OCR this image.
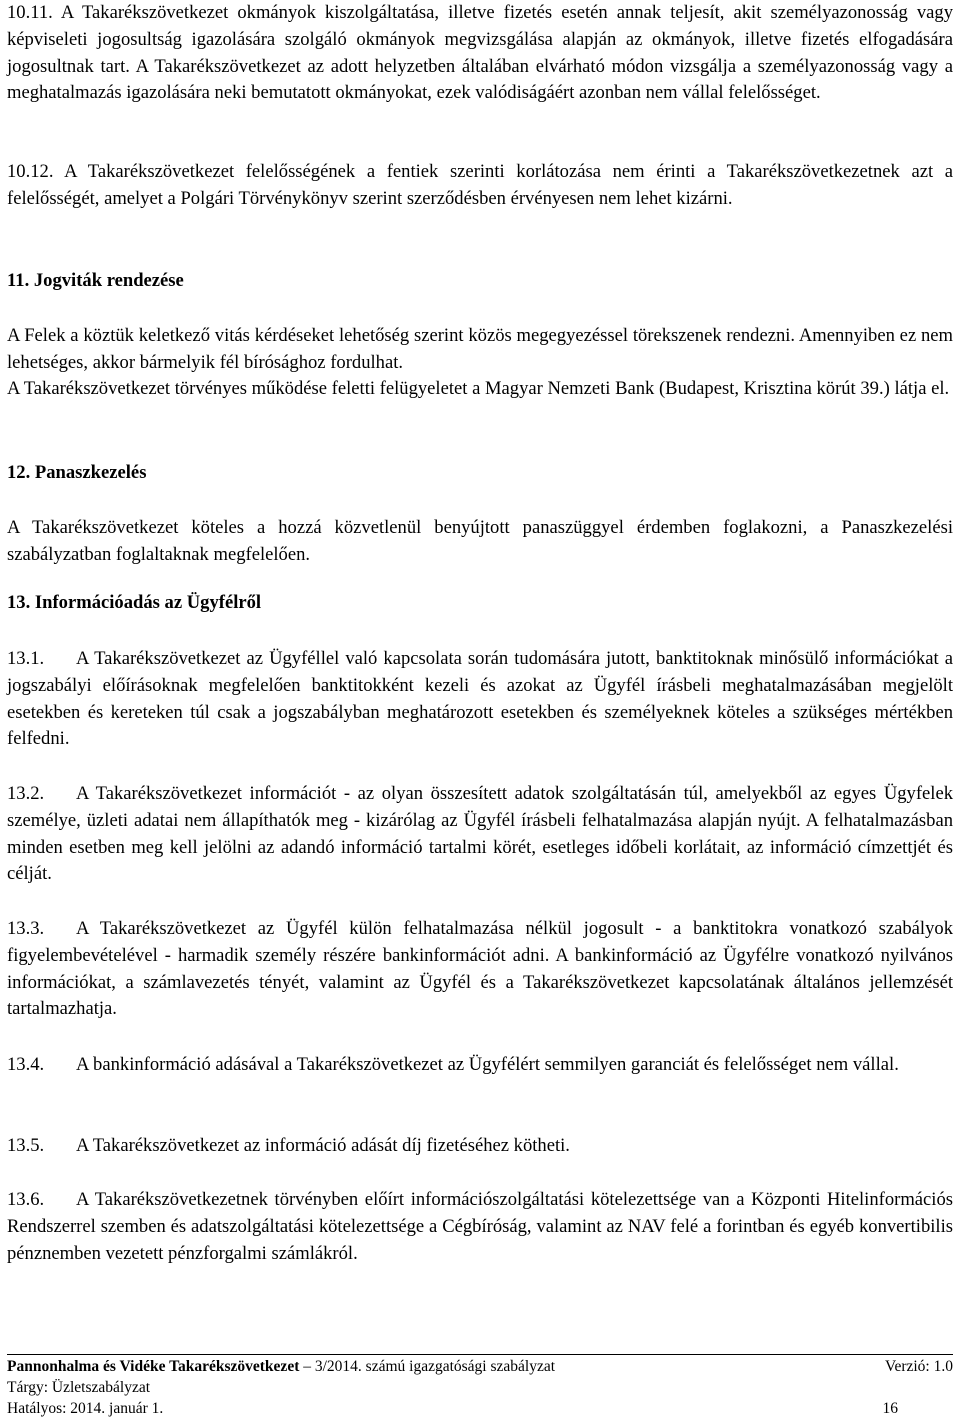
10.11. A Takarékszövetkezet okmányok kiszolgáltatása, illetve fizetés esetén annak teljesít, akit személyazonosság vagy képviseleti jogosultság igazolására szolgáló okmányok megvizsgálása alapján az okmányok, illetve fizetés elfogadására jogosultnak tart. A Takarékszövetkezet az adott helyzetben általában elvárható módon vizsgálja a személyazonosság vagy a meghatalmazás igazolására neki bemutatott okmányokat, ezek valódiságáért azonban nem vállal felelősséget.

10.12. A Takarékszövetkezet felelősségének a fentiek szerinti korlátozása nem érinti a Takarékszövetkezetnek azt a felelősségét, amelyet a Polgári Törvénykönyv szerint szerződésben érvényesen nem lehet kizárni.

11. Jogviták rendezése

A Felek a köztük keletkező vitás kérdéseket lehetőség szerint közös megegyezéssel törekszenek rendezni. Amennyiben ez nem lehetséges, akkor bármelyik fél bírósághoz fordulhat.

A Takarékszövetkezet törvényes működése feletti felügyeletet a Magyar Nemzeti Bank (Budapest, Krisztina körút 39.) látja el.

12. Panaszkezelés

A Takarékszövetkezet köteles a hozzá közvetlenül benyújtott panaszüggyel érdemben foglakozni, a Panaszkezelési szabályzatban foglaltaknak megfelelően.

13. Információadás az Ügyfélről

13.1. A Takarékszövetkezet az Ügyféllel való kapcsolata során tudomására jutott, banktitoknak minősülő információkat a jogszabályi előírásoknak megfelelően banktitokként kezeli és azokat az Ügyfél írásbeli meghatalmazásában megjelölt esetekben és kereteken túl csak a jogszabályban meghatározott esetekben és személyeknek köteles a szükséges mértékben felfedni.

13.2. A Takarékszövetkezet információt - az olyan összesített adatok szolgáltatásán túl, amelyekből az egyes Ügyfelek személye, üzleti adatai nem állapíthatók meg - kizárólag az Ügyfél írásbeli felhatalmazása alapján nyújt. A felhatalmazásban minden esetben meg kell jelölni az adandó információ tartalmi körét, esetleges időbeli korlátait, az információ címzettjét és célját.

13.3. A Takarékszövetkezet az Ügyfél külön felhatalmazása nélkül jogosult - a banktitokra vonatkozó szabályok figyelembevételével - harmadik személy részére bankinformációt adni. A bankinformáció az Ügyfélre vonatkozó nyilvános információkat, a számlavezetés tényét, valamint az Ügyfél és a Takarékszövetkezet kapcsolatának általános jellemzését tartalmazhatja.

13.4. A bankinformáció adásával a Takarékszövetkezet az Ügyfélért semmilyen garanciát és felelősséget nem vállal.

13.5. A Takarékszövetkezet az információ adását díj fizetéséhez kötheti.

13.6. A Takarékszövetkezetnek törvényben előírt információszolgáltatási kötelezettsége van a Központi Hitelinformációs Rendszerrel szemben és adatszolgáltatási kötelezettsége a Cégbíróság, valamint az NAV felé a forintban és egyéb konvertibilis pénznemben vezetett pénzforgalmi számlákról.

Pannonhalma és Vidéke Takarékszövetkezet – 3/2014. számú igazgatósági szabályzat	Verzió: 1.0
Tárgy: Üzletszabályzat
Hatályos: 2014. január 1.	16
